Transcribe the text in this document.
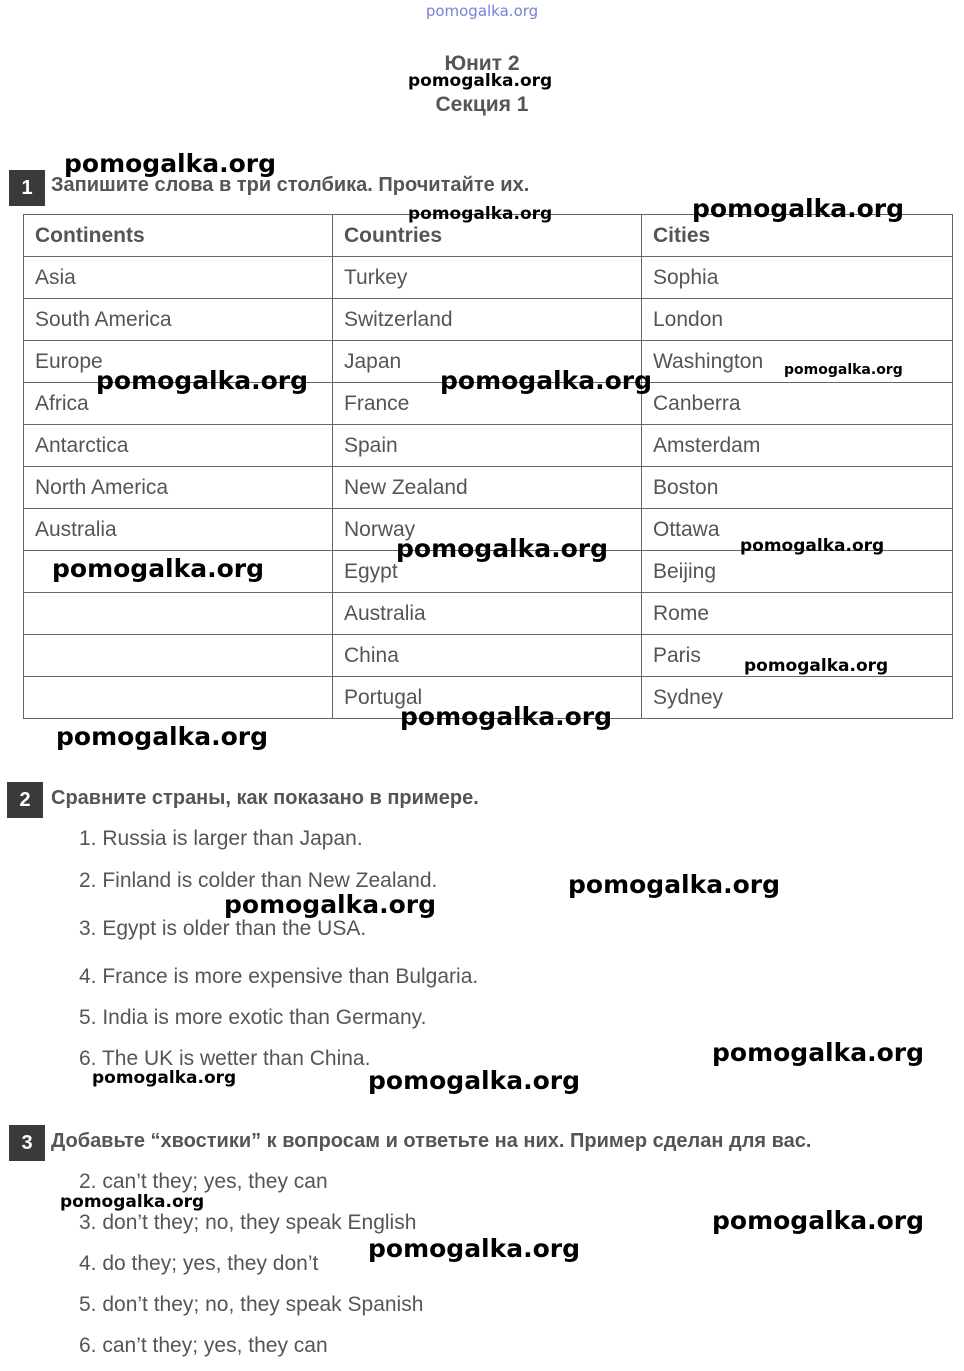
pomogalka.org
Юнит 2
Секция 1
1 Запишите слова в три столбика. Прочитайте их.
Continents	Countries	Cities
Asia	Turkey	Sophia
South America	Switzerland	London
Europe	Japan	Washington
Africa	France	Canberra
Antarctica	Spain	Amsterdam
North America	New Zealand	Boston
Australia	Norway	Ottawa
	Egypt	Beijing
	Australia	Rome
	China	Paris
	Portugal	Sydney
2	Сравните страны, как показано в примере.
1. Russia is larger than Japan.
2. Finland is colder than New Zealand.
3. Egypt is older than the USA.
4. France is more expensive than Bulgaria.
5. India is more exotic than Germany.
6. The UK is wetter than China.
3 Добавьте “хвостики” к вопросам и ответьте на них. Пример сделан для вас.
2. can’t they; yes, they can
3. don’t they; no, they speak English
4. do they; yes, they don’t
5. don’t they; no, they speak Spanish
6. can’t they; yes, they can
pomogalka.org
pomogalka.org
pomogalka.org	pomogalka.org
pomogalka.org
pomogalka.org	pomogalka.org
pomogalka.org
pomogalka.org
pomogalka.org
pomogalka.org
pomogalka.org
pomogalka.org
pomogalka.org
pomogalka.org
pomogalka.org
pomogalka.org	pomogalka.org
pomogalka.org
pomogalka.org
pomogalka.org
